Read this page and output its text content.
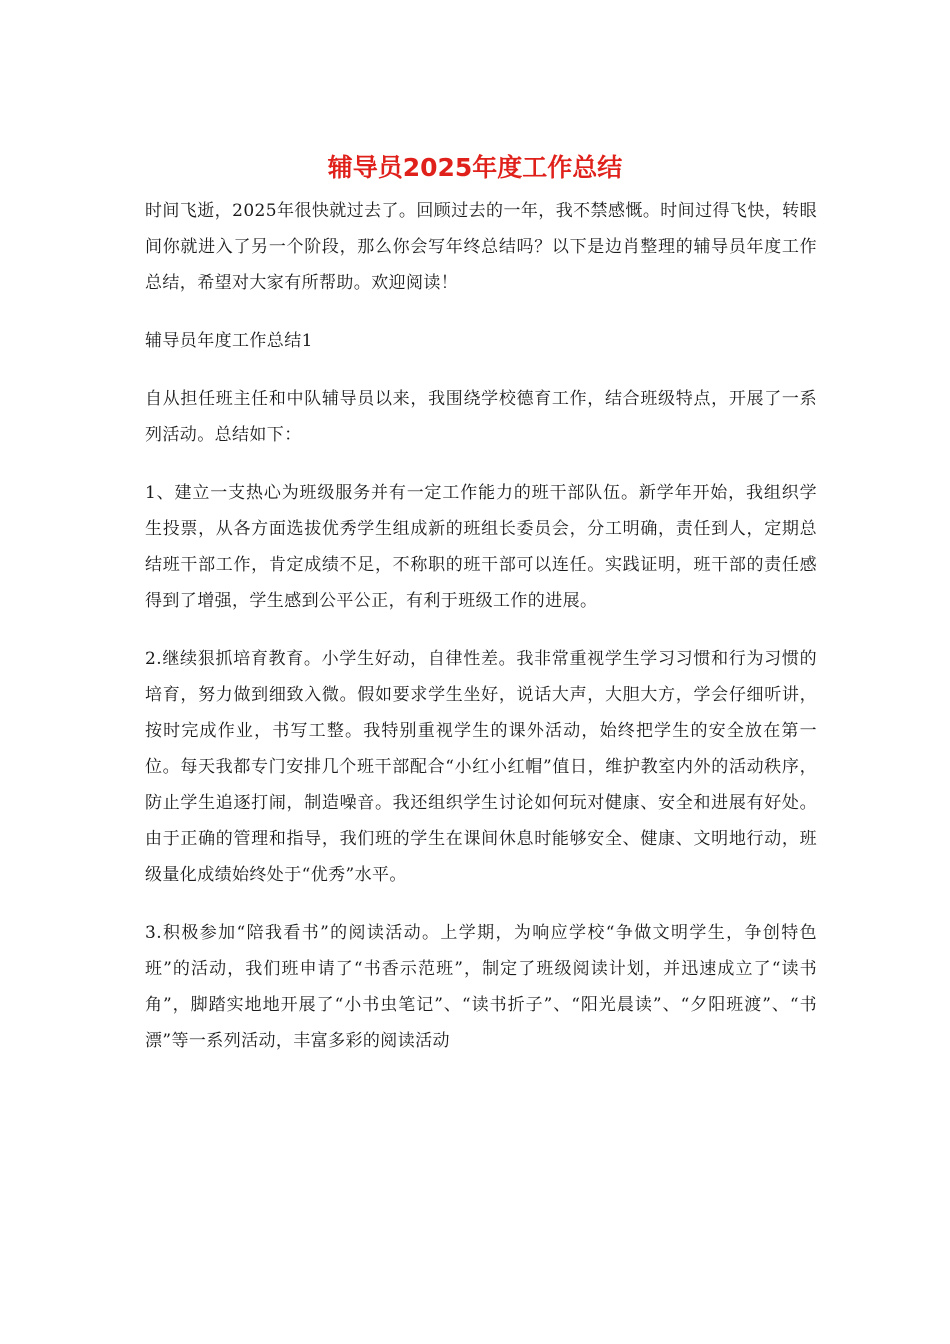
辅导员2025年度工作总结

时间飞逝，2025年很快就过去了。回顾过去的一年，我不禁感慨。时间过得飞快，转眼间你就进入了另一个阶段，那么你会写年终总结吗？以下是边肖整理的辅导员年度工作总结，希望对大家有所帮助。欢迎阅读！

辅导员年度工作总结1

自从担任班主任和中队辅导员以来，我围绕学校德育工作，结合班级特点，开展了一系列活动。总结如下：

1、建立一支热心为班级服务并有一定工作能力的班干部队伍。新学年开始，我组织学生投票，从各方面选拔优秀学生组成新的班组长委员会，分工明确，责任到人，定期总结班干部工作，肯定成绩不足，不称职的班干部可以连任。实践证明，班干部的责任感得到了增强，学生感到公平公正，有利于班级工作的进展。

2.继续狠抓培育教育。小学生好动，自律性差。我非常重视学生学习习惯和行为习惯的培育，努力做到细致入微。假如要求学生坐好，说话大声，大胆大方，学会仔细听讲，按时完成作业，书写工整。我特别重视学生的课外活动，始终把学生的安全放在第一位。每天我都专门安排几个班干部配合“小红小红帽”值日，维护教室内外的活动秩序，防止学生追逐打闹，制造噪音。我还组织学生讨论如何玩对健康、安全和进展有好处。由于正确的管理和指导，我们班的学生在课间休息时能够安全、健康、文明地行动，班级量化成绩始终处于“优秀”水平。

3.积极参加“陪我看书”的阅读活动。上学期，为响应学校“争做文明学生，争创特色班”的活动，我们班申请了“书香示范班”，制定了班级阅读计划，并迅速成立了“读书角”，脚踏实地地开展了“小书虫笔记”、“读书折子”、“阳光晨读”、“夕阳班渡”、“书漂”等一系列活动，丰富多彩的阅读活动
